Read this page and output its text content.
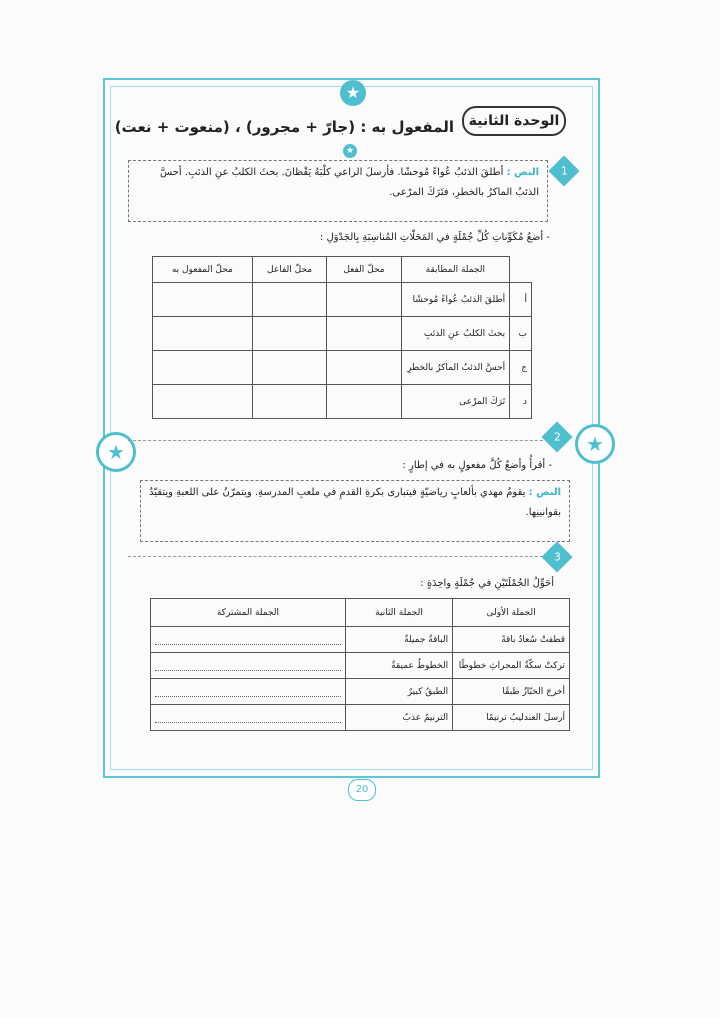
★
★	★
★
الوحدة الثانية
المفعول به : (جارّ + مجرور) ، (منعوت + نعت)
1
النص : أطلقَ الذئبُ عُواءً مُوحشًا. فأرسلَ الراعي كلْبَهُ يَقْظانَ. بحثَ الكلبُ عنِ الذئبِ. أحسَّ الذئبُ الماكرُ بالخطرِ، فتَرَكَ المرْعى.
- أضعُ مُكَوِّناتِ كُلِّ جُمْلَةٍ في المَحَلّاتِ المُناسِبَةِ بِالجَدْوَلِ :
	الجملة المطابقة	محلّ الفعل	محلّ الفاعل	محلّ المفعول به
أ	أطلقَ الذئبُ عُواءً مُوحشًا			
ب	بحثَ الكلبُ عنِ الذئبِ			
ج	أحسَّ الذئبُ الماكرُ بالخطرِ			
د	تَرَكَ المرْعى			
2
- أقرأُ وأضعُ كُلَّ مفعولٍ به في إطارٍ :
النص : يقومُ مهدي بألعابٍ رياضيّةٍ فيتبارى بكرةِ القدمِ في ملعبِ المدرسةِ. ويتمرّنُ على اللعبةِ ويتقيّدُ بقوانينِها.
3
أحَوِّلُ الجُمْلَتَيْنِ في جُمْلَةٍ واحِدَةٍ :
الجملة الأولى	الجملة الثانية	الجملة المشتركة
قطفتْ سُعادُ باقةً	الباقةُ جميلةٌ	

تركتْ سكّةُ المحراثِ خطوطًا	الخطوطُ عميقةٌ	

أخرجَ الخبّازُ طبقًا	الطبقُ كبيرٌ	

أرسلَ العندليبُ ترنيمًا	الترنيمُ عذبٌ	
20
